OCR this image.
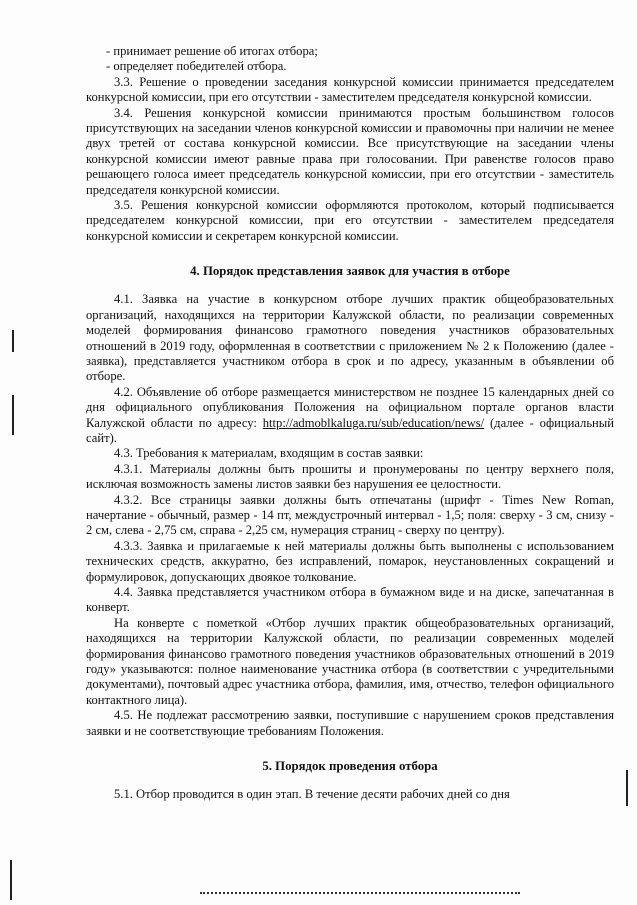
- принимает решение об итогах отбора;

- определяет победителей отбора.

3.3. Решение о проведении заседания конкурсной комиссии принимается председателем конкурсной комиссии, при его отсутствии - заместителем председателя конкурсной комиссии.

3.4. Решения конкурсной комиссии принимаются простым большинством голосов присутствующих на заседании членов конкурсной комиссии и правомочны при наличии не менее двух третей от состава конкурсной комиссии. Все присутствующие на заседании члены конкурсной комиссии имеют равные права при голосовании. При равенстве голосов право решающего голоса имеет председатель конкурсной комиссии, при его отсутствии - заместитель председателя конкурсной комиссии.

3.5. Решения конкурсной комиссии оформляются протоколом, который подписывается председателем конкурсной комиссии, при его отсутствии - заместителем председателя конкурсной комиссии и секретарем конкурсной комиссии.

4. Порядок представления заявок для участия в отборе

4.1. Заявка на участие в конкурсном отборе лучших практик общеобразовательных организаций, находящихся на территории Калужской области, по реализации современных моделей формирования финансово грамотного поведения участников образовательных отношений в 2019 году, оформленная в соответствии с приложением № 2 к Положению (далее - заявка), представляется участником отбора в срок и по адресу, указанным в объявлении об отборе.

4.2. Объявление об отборе размещается министерством не позднее 15 календарных дней со дня официального опубликования Положения на официальном портале органов власти Калужской области по адресу: http://admoblkaluga.ru/sub/education/news/ (далее - официальный сайт).

4.3. Требования к материалам, входящим в состав заявки:

4.3.1. Материалы должны быть прошиты и пронумерованы по центру верхнего поля, исключая возможность замены листов заявки без нарушения ее целостности.

4.3.2. Все страницы заявки должны быть отпечатаны (шрифт - Times New Roman, начертание - обычный, размер - 14 пт, междустрочный интервал - 1,5; поля: сверху - 3 см, снизу - 2 см, слева - 2,75 см, справа - 2,25 см, нумерация страниц - сверху по центру).

4.3.3. Заявка и прилагаемые к ней материалы должны быть выполнены с использованием технических средств, аккуратно, без исправлений, помарок, неустановленных сокращений и формулировок, допускающих двоякое толкование.

4.4. Заявка представляется участником отбора в бумажном виде и на диске, запечатанная в конверт.

На конверте с пометкой «Отбор лучших практик общеобразовательных организаций, находящихся на территории Калужской области, по реализации современных моделей формирования финансово грамотного поведения участников образовательных отношений в 2019 году» указываются: полное наименование участника отбора (в соответствии с учредительными документами), почтовый адрес участника отбора, фамилия, имя, отчество, телефон официального контактного лица).

4.5. Не подлежат рассмотрению заявки, поступившие с нарушением сроков представления заявки и не соответствующие требованиям Положения.

5. Порядок проведения отбора

5.1. Отбор проводится в один этап. В течение десяти рабочих дней со дня
